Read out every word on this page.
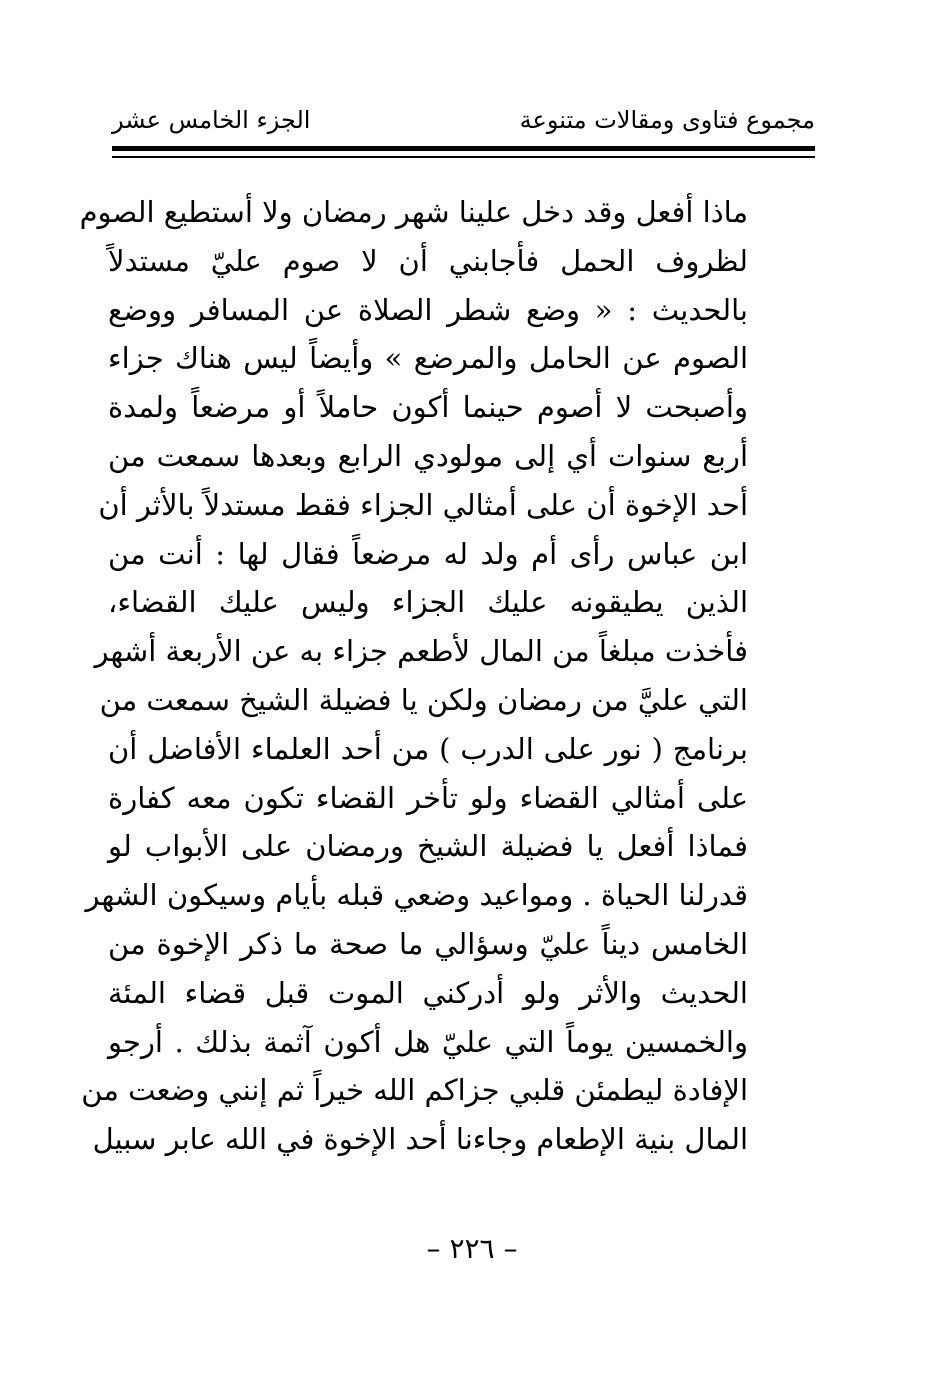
مجموع فتاوى ومقالات متنوعة
الجزء الخامس عشر
ماذا أفعل وقد دخل علينا شهر رمضان ولا أستطيع الصوم
لظروف الحمل فأجابني أن لا صوم عليّ مستدلاً
بالحديث : « وضع شطر الصلاة عن المسافر ووضع
الصوم عن الحامل والمرضع » وأيضاً ليس هناك جزاء
وأصبحت لا أصوم حينما أكون حاملاً أو مرضعاً ولمدة
أربع سنوات أي إلى مولودي الرابع وبعدها سمعت من
أحد الإخوة أن على أمثالي الجزاء فقط مستدلاً بالأثر أن
ابن عباس رأى أم ولد له مرضعاً فقال لها : أنت من
الذين يطيقونه عليك الجزاء وليس عليك القضاء،
فأخذت مبلغاً من المال لأطعم جزاء به عن الأربعة أشهر
التي عليَّ من رمضان ولكن يا فضيلة الشيخ سمعت من
برنامج ( نور على الدرب ) من أحد العلماء الأفاضل أن
على أمثالي القضاء ولو تأخر القضاء تكون معه كفارة
فماذا أفعل يا فضيلة الشيخ ورمضان على الأبواب لو
قدرلنا الحياة . ومواعيد وضعي قبله بأيام وسيكون الشهر
الخامس ديناً عليّ وسؤالي ما صحة ما ذكر الإخوة من
الحديث والأثر ولو أدركني الموت قبل قضاء المئة
والخمسين يوماً التي عليّ هل أكون آثمة بذلك . أرجو
الإفادة ليطمئن قلبي جزاكم الله خيراً ثم إنني وضعت من
المال بنية الإطعام وجاءنا أحد الإخوة في الله عابر سبيل
– ٢٢٦ –
